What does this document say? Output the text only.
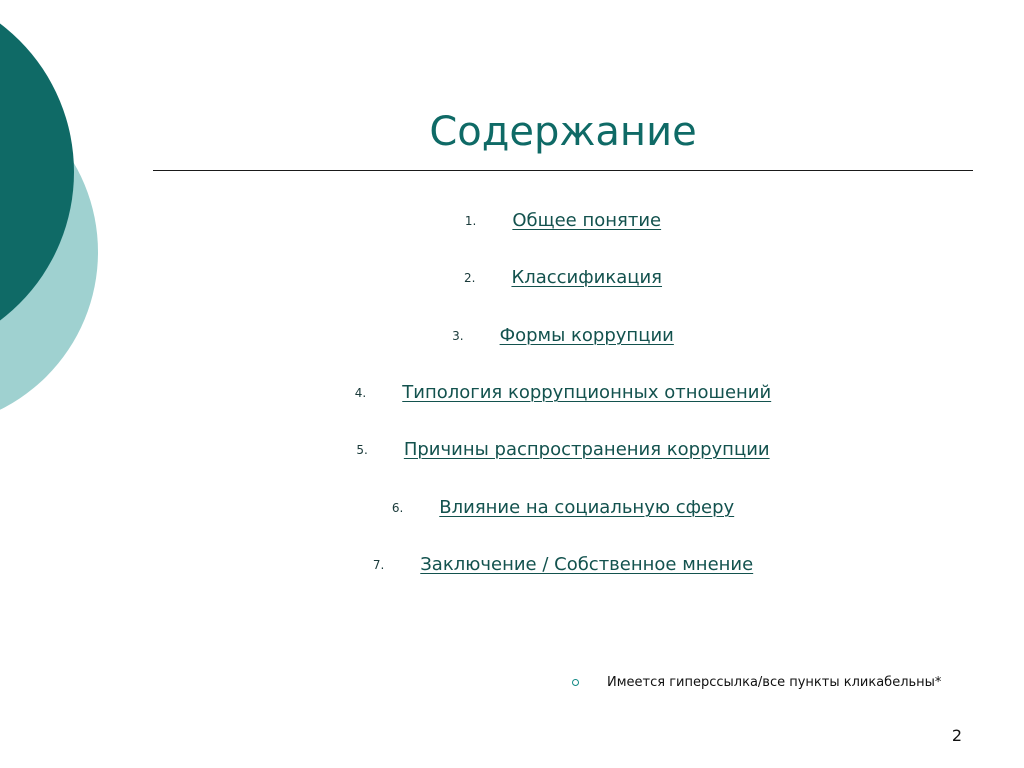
Содержание
1. Общее понятие
2. Классификация
3. Формы коррупции
4. Типология коррупционных отношений
5. Причины распространения коррупции
6. Влияние на социальную сферу
7. Заключение / Собственное мнение
Имеется гиперссылка/все пункты кликабельны*
2
